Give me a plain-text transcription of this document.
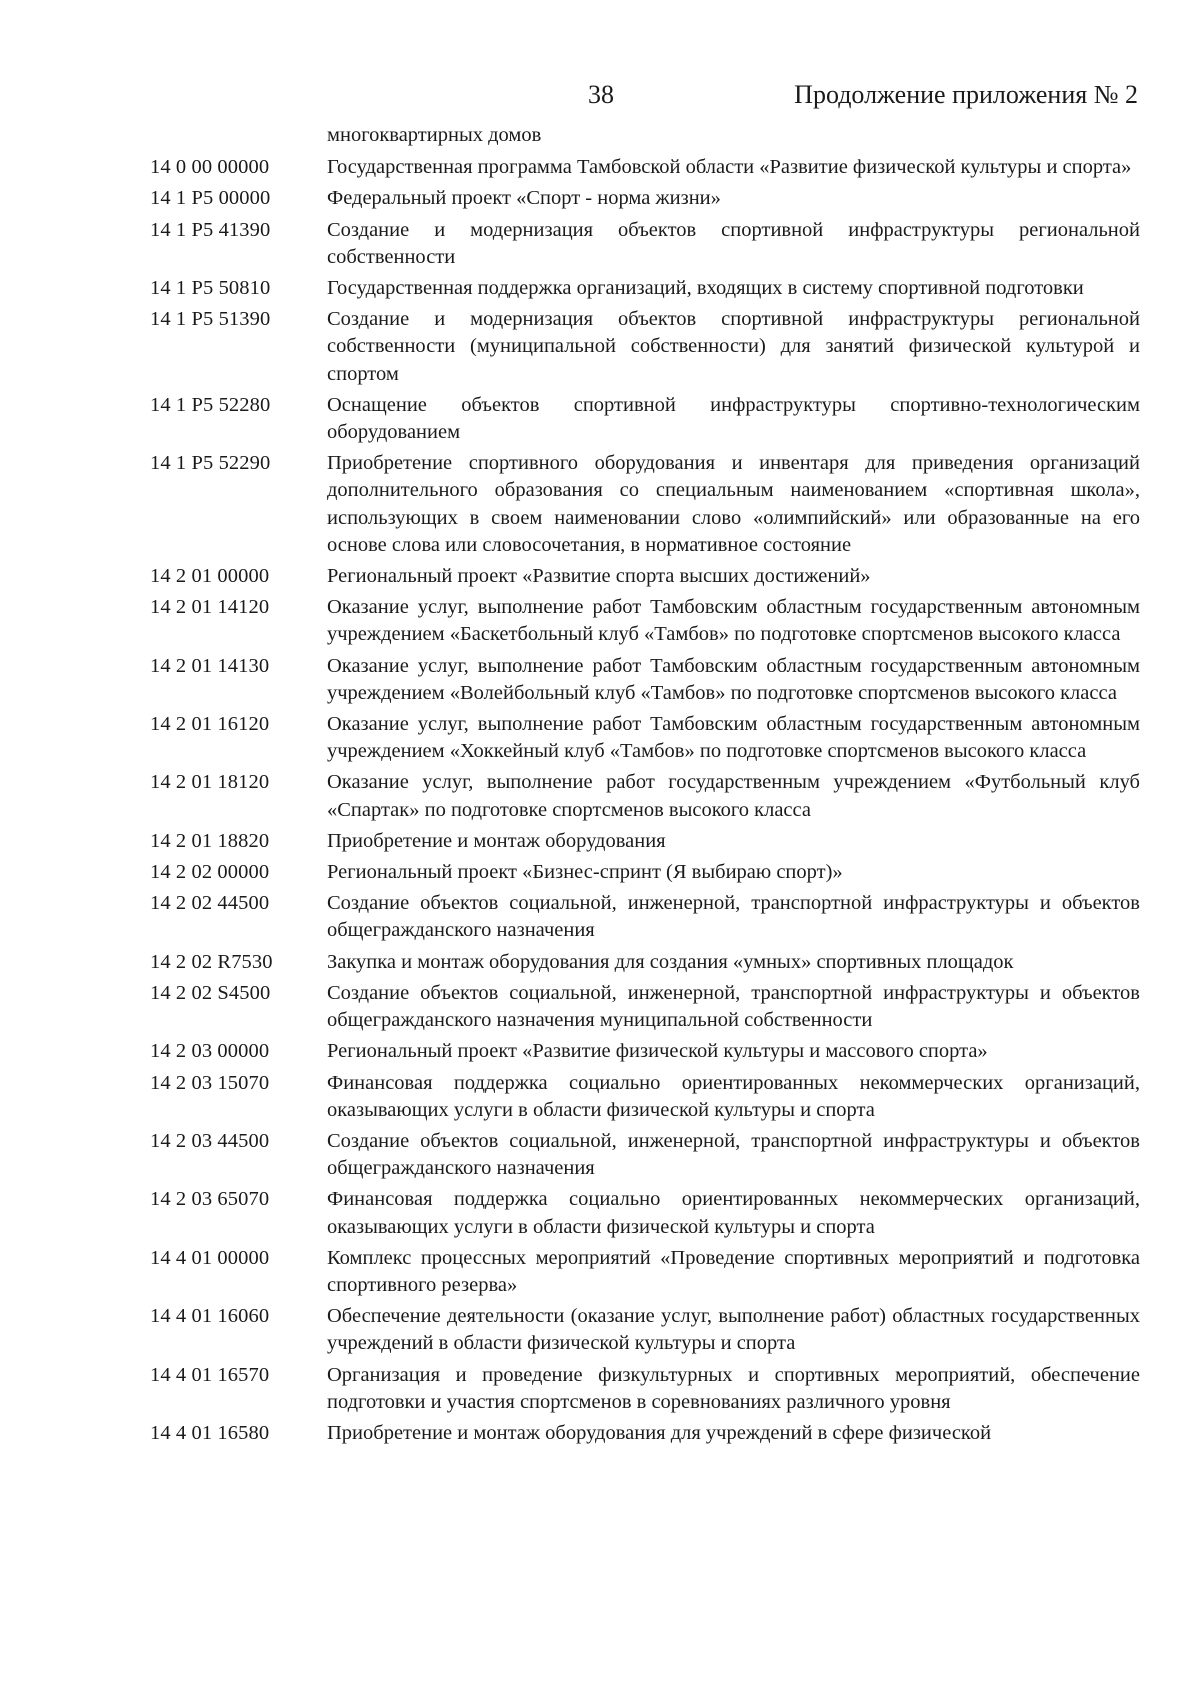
38	Продолжение приложения № 2
многоквартирных домов
14 0 00 00000	Государственная программа Тамбовской области «Развитие физической культуры и спорта»
14 1 P5 00000	Федеральный проект «Спорт - норма жизни»
14 1 P5 41390	Создание и модернизация объектов спортивной инфраструктуры региональной собственности
14 1 P5 50810	Государственная поддержка организаций, входящих в систему спортивной подготовки
14 1 P5 51390	Создание и модернизация объектов спортивной инфраструктуры региональной собственности (муниципальной собственности) для занятий физической культурой и спортом
14 1 P5 52280	Оснащение объектов спортивной инфраструктуры спортивно-технологическим оборудованием
14 1 P5 52290	Приобретение спортивного оборудования и инвентаря для приведения организаций дополнительного образования со специальным наименованием «спортивная школа», использующих в своем наименовании слово «олимпийский» или образованные на его основе слова или словосочетания, в нормативное состояние
14 2 01 00000	Региональный проект «Развитие спорта высших достижений»
14 2 01 14120	Оказание услуг, выполнение работ Тамбовским областным государственным автономным учреждением «Баскетбольный клуб «Тамбов» по подготовке спортсменов высокого класса
14 2 01 14130	Оказание услуг, выполнение работ Тамбовским областным государственным автономным учреждением «Волейбольный клуб «Тамбов» по подготовке спортсменов высокого класса
14 2 01 16120	Оказание услуг, выполнение работ Тамбовским областным государственным автономным учреждением «Хоккейный клуб «Тамбов» по подготовке спортсменов высокого класса
14 2 01 18120	Оказание услуг, выполнение работ государственным учреждением «Футбольный клуб «Спартак» по подготовке спортсменов высокого класса
14 2 01 18820	Приобретение и монтаж оборудования
14 2 02 00000	Региональный проект «Бизнес-спринт (Я выбираю спорт)»
14 2 02 44500	Создание объектов социальной, инженерной, транспортной инфраструктуры и объектов общегражданского назначения
14 2 02 R7530	Закупка и монтаж оборудования для создания «умных» спортивных площадок
14 2 02 S4500	Создание объектов социальной, инженерной, транспортной инфраструктуры и объектов общегражданского назначения муниципальной собственности
14 2 03 00000	Региональный проект «Развитие физической культуры и массового спорта»
14 2 03 15070	Финансовая поддержка социально ориентированных некоммерческих организаций, оказывающих услуги в области физической культуры и спорта
14 2 03 44500	Создание объектов социальной, инженерной, транспортной инфраструктуры и объектов общегражданского назначения
14 2 03 65070	Финансовая поддержка социально ориентированных некоммерческих организаций, оказывающих услуги в области физической культуры и спорта
14 4 01 00000	Комплекс процессных мероприятий «Проведение спортивных мероприятий и подготовка спортивного резерва»
14 4 01 16060	Обеспечение деятельности (оказание услуг, выполнение работ) областных государственных учреждений в области физической культуры и спорта
14 4 01 16570	Организация и проведение физкультурных и спортивных мероприятий, обеспечение подготовки и участия спортсменов в соревнованиях различного уровня
14 4 01 16580	Приобретение и монтаж оборудования для учреждений в сфере физической
